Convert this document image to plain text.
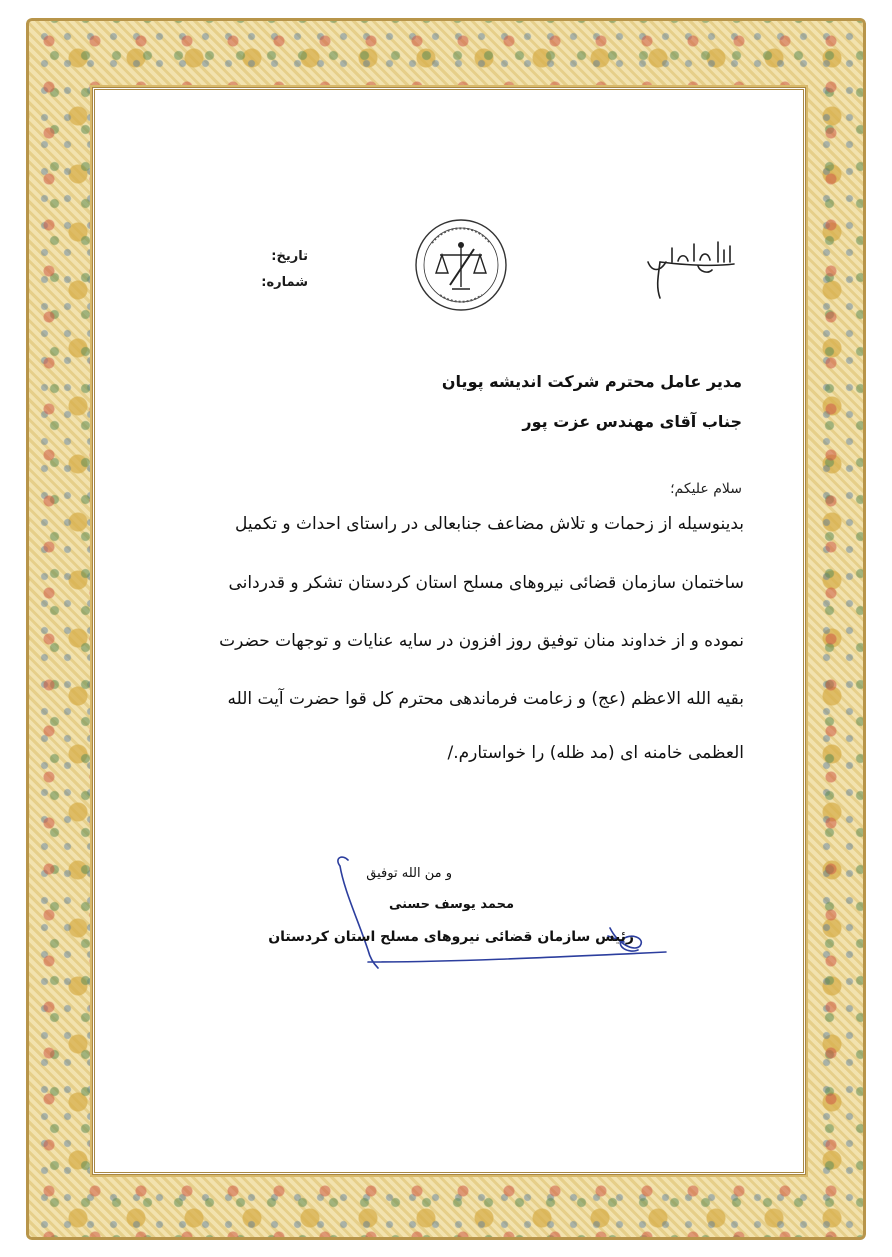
تاریخ:
شماره:
مدیر عامل محترم شرکت اندیشه پویان
جناب آقای مهندس عزت پور
سلام علیکم؛
بدینوسیله از زحمات و تلاش مضاعف جنابعالی در راستای احداث و تکمیل
ساختمان سازمان قضائی نیروهای مسلح استان کردستان تشکر و قدردانی
نموده و از خداوند منان توفیق روز افزون در سایه عنایات و توجهات حضرت
بقیه الله الاعظم (عج) و زعامت فرماندهی محترم کل قوا حضرت آیت الله
العظمی خامنه ای (مد ظله) را خواستارم./
و من الله توفیق
محمد یوسف حسنی
رئیس سازمان قضائی نیروهای مسلح استان کردستان
